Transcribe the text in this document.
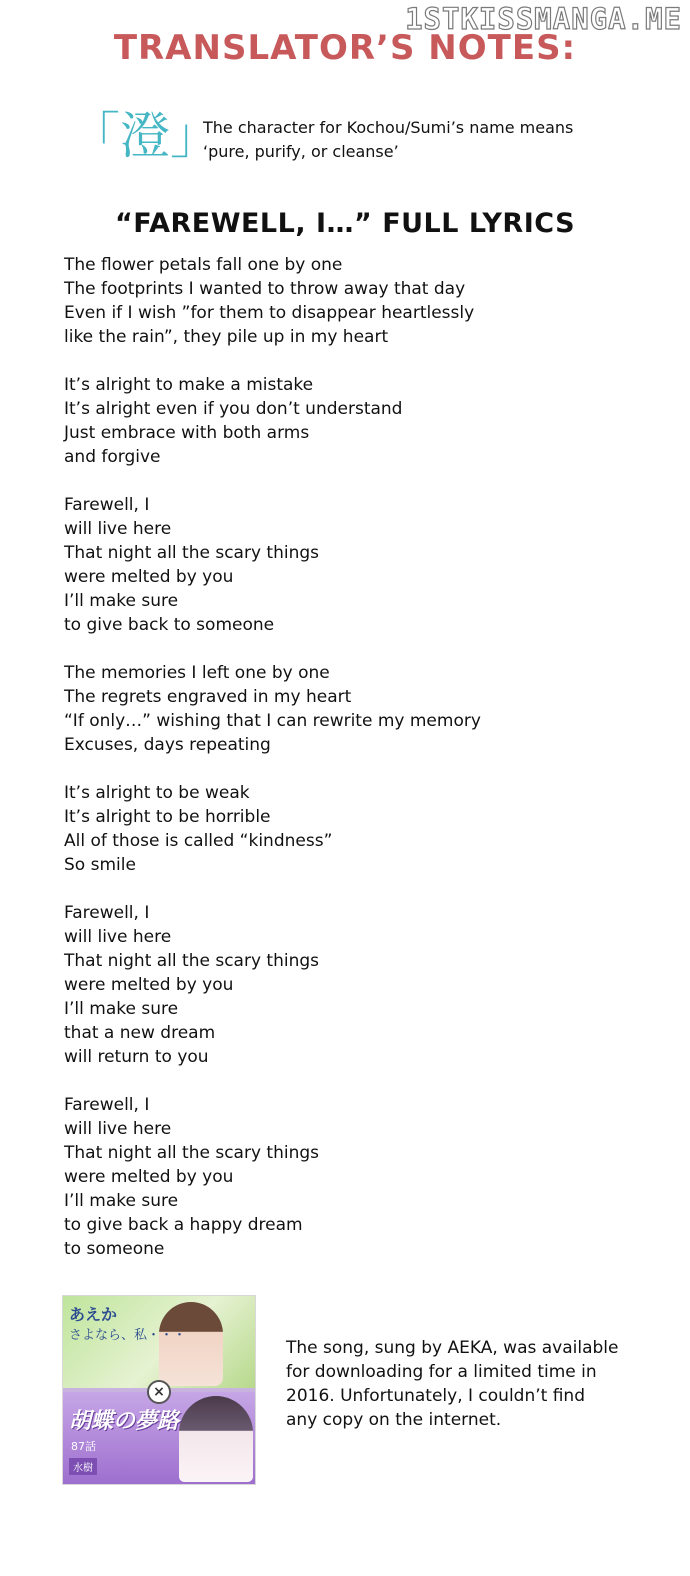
1STKISSMANGA.ME
TRANSLATOR’S NOTES:
「澄」
The character for Kochou/Sumi’s name means
‘pure, purify, or cleanse’
“FAREWELL, I…” FULL LYRICS
The flower petals fall one by one
The footprints I wanted to throw away that day
Even if I wish ”for them to disappear heartlessly
like the rain”, they pile up in my heart
It’s alright to make a mistake
It’s alright even if you don’t understand
Just embrace with both arms
and forgive
Farewell, I
will live here
That night all the scary things
were melted by you
I’ll make sure
to give back to someone
The memories I left one by one
The regrets engraved in my heart
“If only…” wishing that I can rewrite my memory
Excuses, days repeating
It’s alright to be weak
It’s alright to be horrible
All of those is called “kindness”
So smile
Farewell, I
will live here
That night all the scary things
were melted by you
I’ll make sure
that a new dream
will return to you
Farewell, I
will live here
That night all the scary things
were melted by you
I’ll make sure
to give back a happy dream
to someone
あえか
さよなら、私・・・
胡蝶の夢路
87話
水樹
×
The song, sung by AEKA, was available
for downloading for a limited time in
2016. Unfortunately, I couldn’t find
any copy on the internet.
